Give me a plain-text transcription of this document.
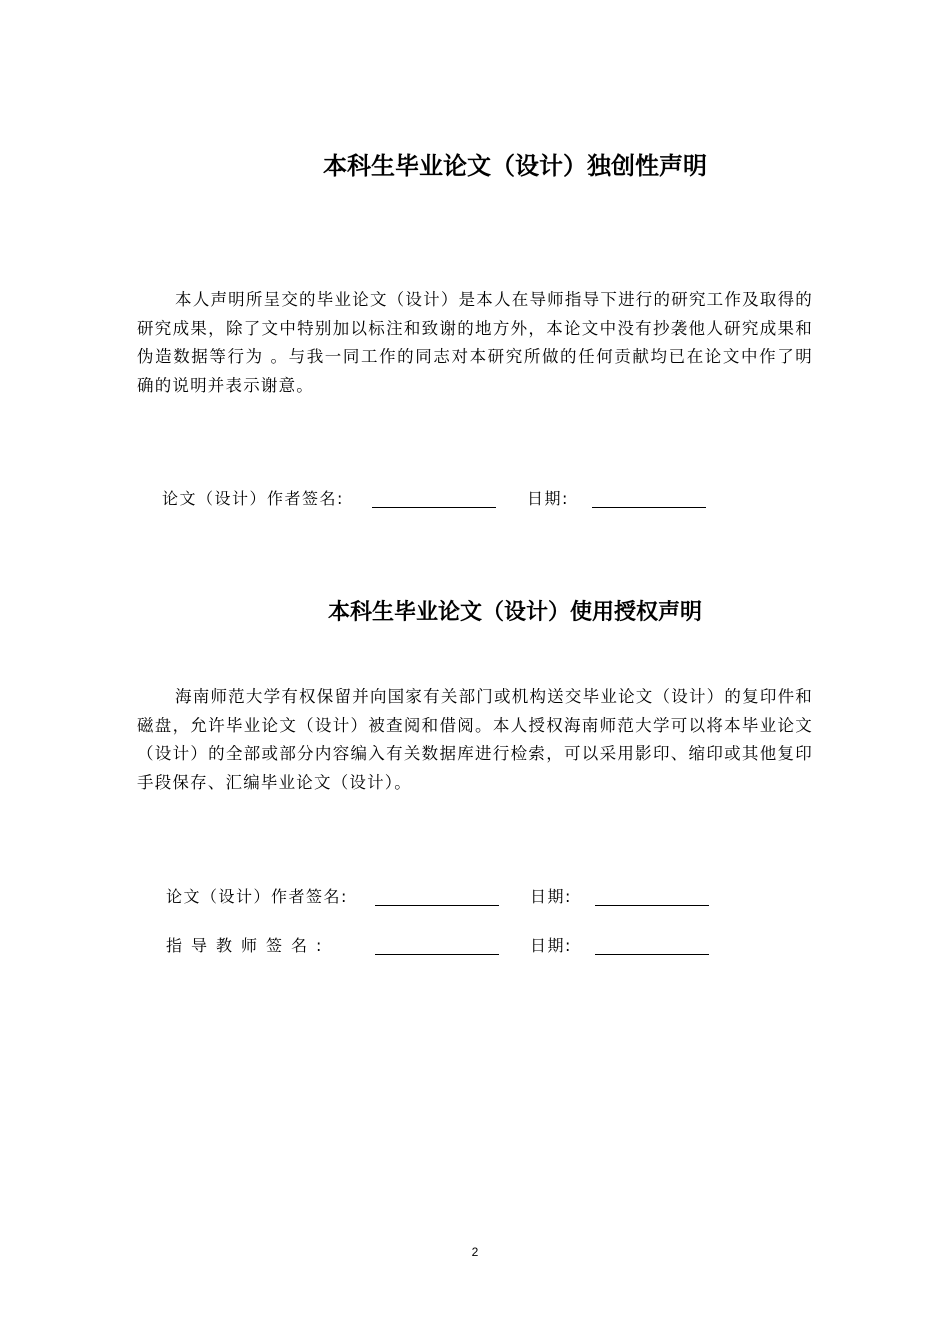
本科生毕业论文（设计）独创性声明

本人声明所呈交的毕业论文（设计）是本人在导师指导下进行的研究工作及取得的研究成果，除了文中特别加以标注和致谢的地方外，本论文中没有抄袭他人研究成果和伪造数据等行为 。与我一同工作的同志对本研究所做的任何贡献均已在论文中作了明确的说明并表示谢意。

论文（设计）作者签名:	日期:
本科生毕业论文（设计）使用授权声明

海南师范大学有权保留并向国家有关部门或机构送交毕业论文（设计）的复印件和磁盘，允许毕业论文（设计）被查阅和借阅。本人授权海南师范大学可以将本毕业论文（设计）的全部或部分内容编入有关数据库进行检索，可以采用影印、缩印或其他复印手段保存、汇编毕业论文（设计）。

论文（设计）作者签名:	日期:
指导教师签名:	日期:
2
